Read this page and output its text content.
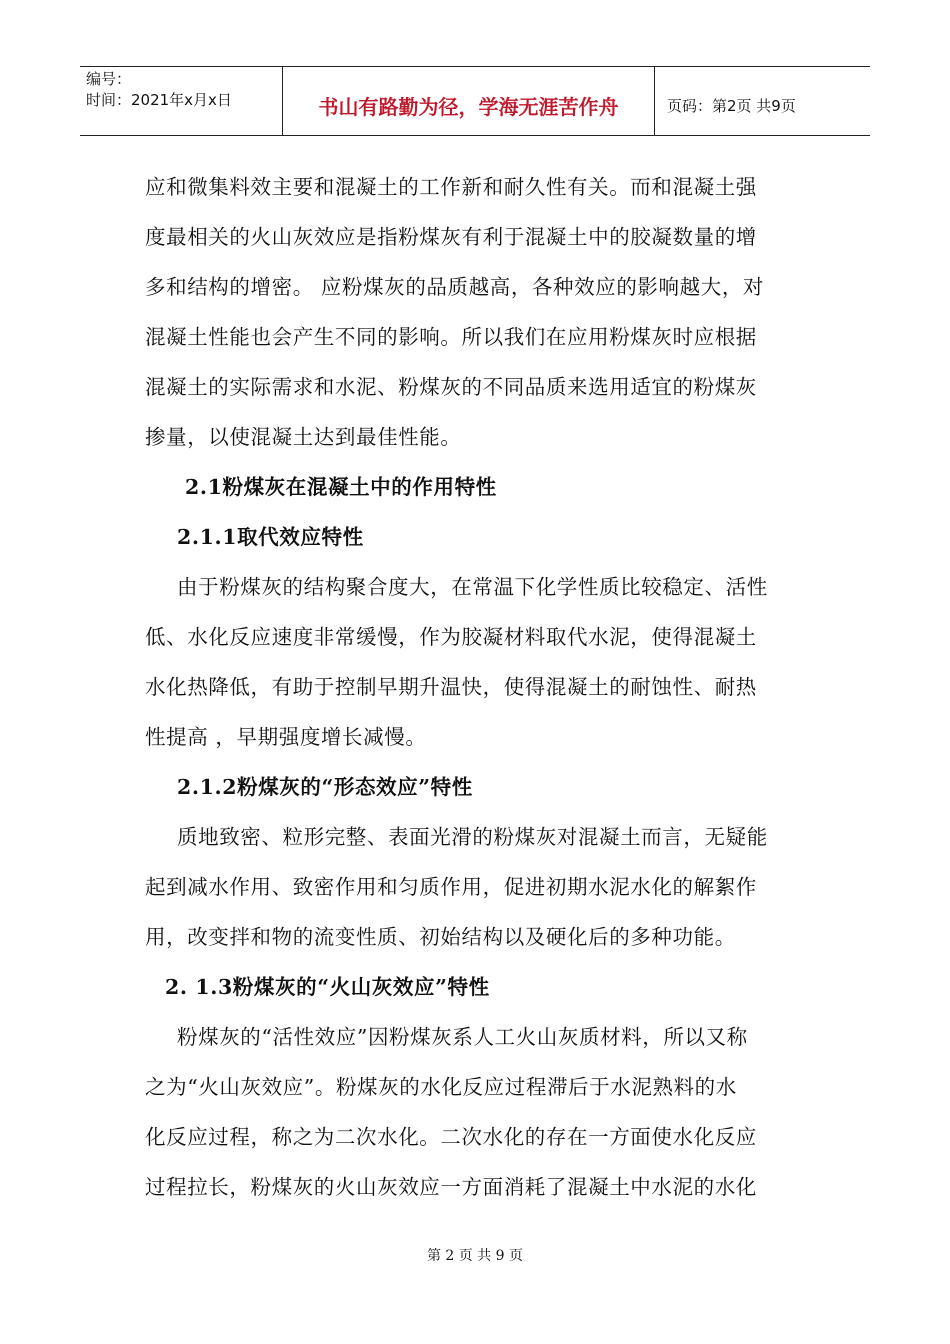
编号：
时间：2021年x月x日	书山有路勤为径，学海无涯苦作舟	页码：第2页 共9页
应和微集料效主要和混凝土的工作新和耐久性有关。而和混凝土强
度最相关的火山灰效应是指粉煤灰有利于混凝土中的胶凝数量的增
多和结构的增密。 应粉煤灰的品质越高，各种效应的影响越大，对
混凝土性能也会产生不同的影响。所以我们在应用粉煤灰时应根据
混凝土的实际需求和水泥、粉煤灰的不同品质来选用适宜的粉煤灰
掺量，以使混凝土达到最佳性能。
2.1粉煤灰在混凝土中的作用特性
2.1.1取代效应特性
由于粉煤灰的结构聚合度大，在常温下化学性质比较稳定、活性
低、水化反应速度非常缓慢，作为胶凝材料取代水泥，使得混凝土
水化热降低，有助于控制早期升温快，使得混凝土的耐蚀性、耐热
性提高 ，早期强度增长减慢。
2.1.2粉煤灰的“形态效应”特性
质地致密、粒形完整、表面光滑的粉煤灰对混凝土而言，无疑能
起到减水作用、致密作用和匀质作用，促进初期水泥水化的解絮作
用，改变拌和物的流变性质、初始结构以及硬化后的多种功能。
2. 1.3粉煤灰的“火山灰效应”特性
粉煤灰的“活性效应”因粉煤灰系人工火山灰质材料，所以又称
之为“火山灰效应”。粉煤灰的水化反应过程滞后于水泥熟料的水
化反应过程，称之为二次水化。二次水化的存在一方面使水化反应
过程拉长，粉煤灰的火山灰效应一方面消耗了混凝土中水泥的水化
第 2 页 共 9 页
